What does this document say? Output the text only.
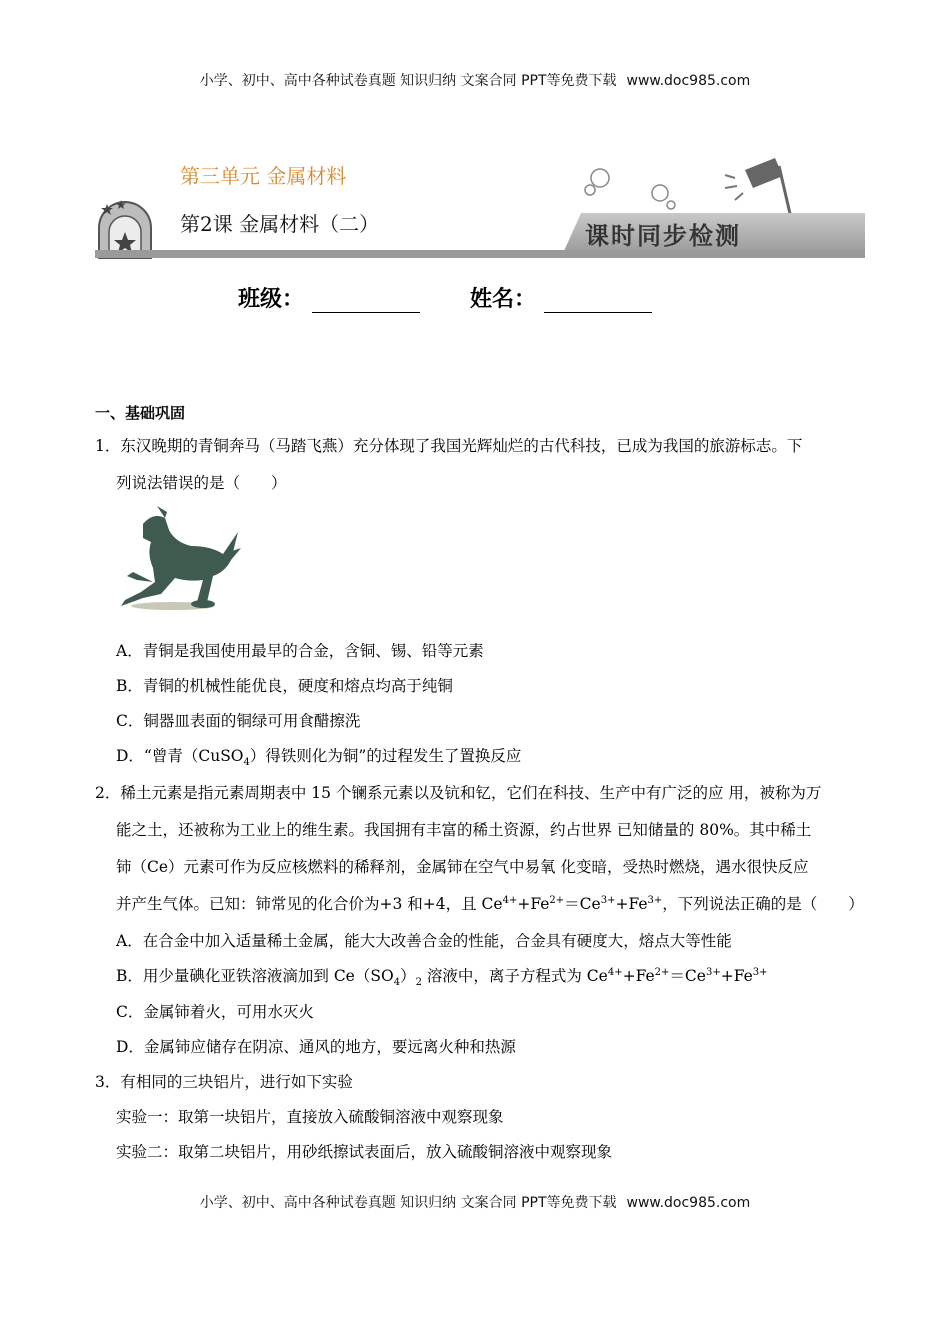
小学、初中、高中各种试卷真题 知识归纳 文案合同 PPT等免费下载 www.doc985.com
第三单元 金属材料
第2课 金属材料（二）	课时同步检测
班级：	姓名：
一、基础巩固
1．东汉晚期的青铜奔马（马踏飞燕）充分体现了我国光辉灿烂的古代科技，已成为我国的旅游标志。下
列说法错误的是（　　）
A．青铜是我国使用最早的合金，含铜、锡、铅等元素
B．青铜的机械性能优良，硬度和熔点均高于纯铜
C．铜器皿表面的铜绿可用食醋擦洗
D．“曾青（CuSO$_4$）得铁则化为铜”的过程发生了置换反应
2．稀土元素是指元素周期表中 15 个镧系元素以及钪和钇，它们在科技、生产中有广泛的应 用，被称为万
能之土，还被称为工业上的维生素。我国拥有丰富的稀土资源，约占世界 已知储量的 80%。其中稀土
铈（Ce）元素可作为反应核燃料的稀释剂，金属铈在空气中易氧 化变暗，受热时燃烧，遇水很快反应
并产生气体。已知：铈常见的化合价为+3 和+4，且 $Ce^{4+}+Fe^{2+}=Ce^{3+}+Fe^{3+}$，下列说法正确的是（　　）
A．在合金中加入适量稀土金属，能大大改善合金的性能，合金具有硬度大，熔点大等性能
B．用少量碘化亚铁溶液滴加到 $Ce(SO_4)_2$ 溶液中，离子方程式为 $Ce^{4+}+Fe^{2+}=Ce^{3+}+Fe^{3+}$
C．金属铈着火，可用水灭火
D．金属铈应储存在阴凉、通风的地方，要远离火种和热源
3．有相同的三块铝片，进行如下实验
实验一：取第一块铝片，直接放入硫酸铜溶液中观察现象
实验二：取第二块铝片，用砂纸擦试表面后，放入硫酸铜溶液中观察现象
小学、初中、高中各种试卷真题 知识归纳 文案合同 PPT等免费下载 www.doc985.com
